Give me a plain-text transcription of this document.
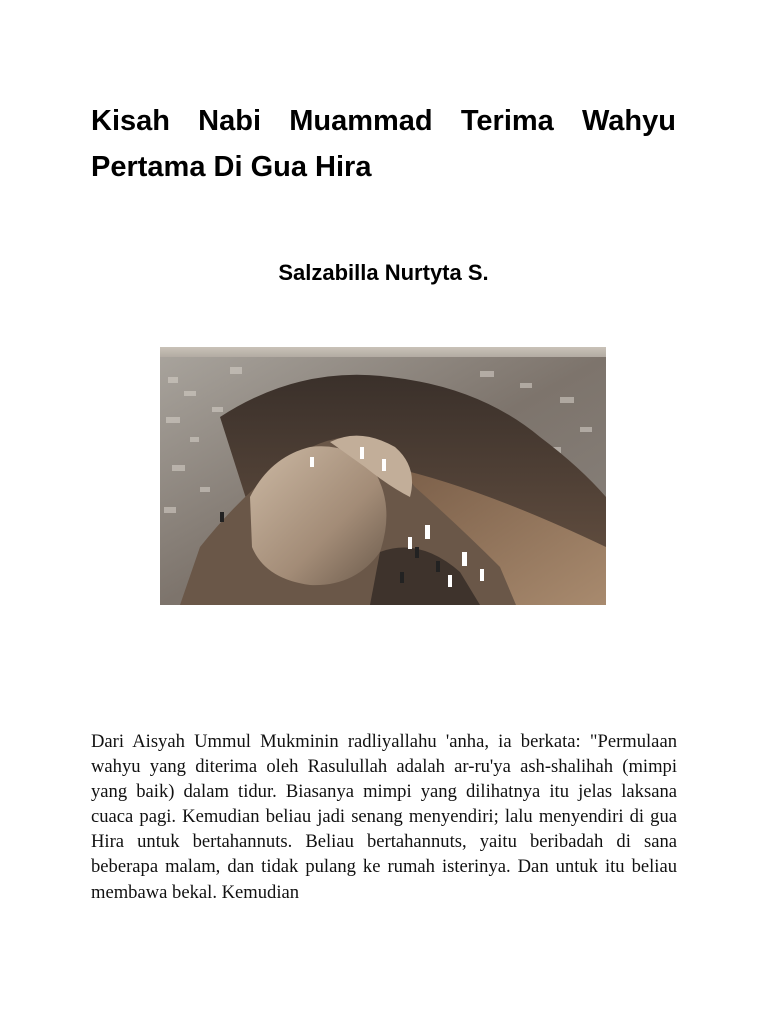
Kisah Nabi Muammad Terima Wahyu Pertama Di Gua Hira
Salzabilla Nurtyta S.

Dari Aisyah Ummul Mukminin radliyallahu 'anha, ia berkata: "Permulaan wahyu yang diterima oleh Rasulullah adalah ar-ru'ya ash-shalihah (mimpi yang baik) dalam tidur. Biasanya mimpi yang dilihatnya itu jelas laksana cuaca pagi. Kemudian beliau jadi senang menyendiri; lalu menyendiri di gua Hira untuk bertahannuts. Beliau bertahannuts, yaitu beribadah di sana beberapa malam, dan tidak pulang ke rumah isterinya. Dan untuk itu beliau membawa bekal. Kemudian
